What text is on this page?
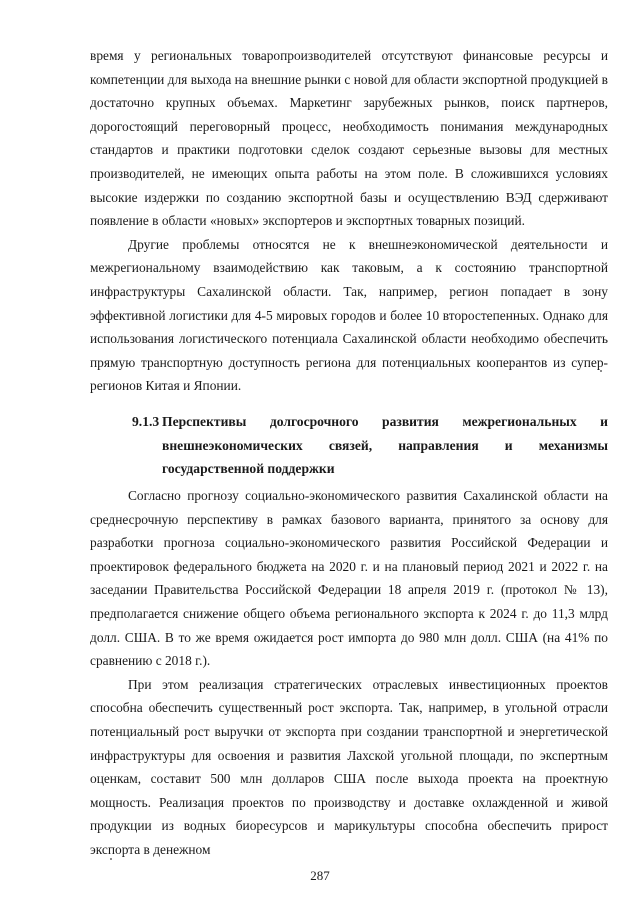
время у региональных товаропроизводителей отсутствуют финансовые ресурсы и компетенции для выхода на внешние рынки с новой для области экспортной продукцией в достаточно крупных объемах. Маркетинг зарубежных рынков, поиск партнеров, дорогостоящий переговорный процесс, необходимость понимания международных стандартов и практики подготовки сделок создают серьезные вызовы для местных производителей, не имеющих опыта работы на этом поле. В сложившихся условиях высокие издержки по созданию экспортной базы и осуществлению ВЭД сдерживают появление в области «новых» экспортеров и экспортных товарных позиций.

Другие проблемы относятся не к внешнеэкономической деятельности и межрегиональному взаимодействию как таковым, а к состоянию транспортной инфраструктуры Сахалинской области. Так, например, регион попадает в зону эффективной логистики для 4-5 мировых городов и более 10 второстепенных. Однако для использования логистического потенциала Сахалинской области необходимо обеспечить прямую транспортную доступность региона для потенциальных кооперантов из супер-регионов Китая и Японии.

9.1.3 Перспективы долгосрочного развития межрегиональных и внешнеэкономических связей, направления и механизмы государственной поддержки

Согласно прогнозу социально-экономического развития Сахалинской области на среднесрочную перспективу в рамках базового варианта, принятого за основу для разработки прогноза социально-экономического развития Российской Федерации и проектировок федерального бюджета на 2020 г. и на плановый период 2021 и 2022 г. на заседании Правительства Российской Федерации 18 апреля 2019 г. (протокол № 13), предполагается снижение общего объема регионального экспорта к 2024 г. до 11,3 млрд долл. США. В то же время ожидается рост импорта до 980 млн долл. США (на 41% по сравнению с 2018 г.).

При этом реализация стратегических отраслевых инвестиционных проектов способна обеспечить существенный рост экспорта. Так, например, в угольной отрасли потенциальный рост выручки от экспорта при создании транспортной и энергетической инфраструктуры для освоения и развития Лахской угольной площади, по экспертным оценкам, составит 500 млн долларов США после выхода проекта на проектную мощность. Реализация проектов по производству и доставке охлажденной и живой продукции из водных биоресурсов и марикультуры способна обеспечить прирост экспорта в денежном

287
